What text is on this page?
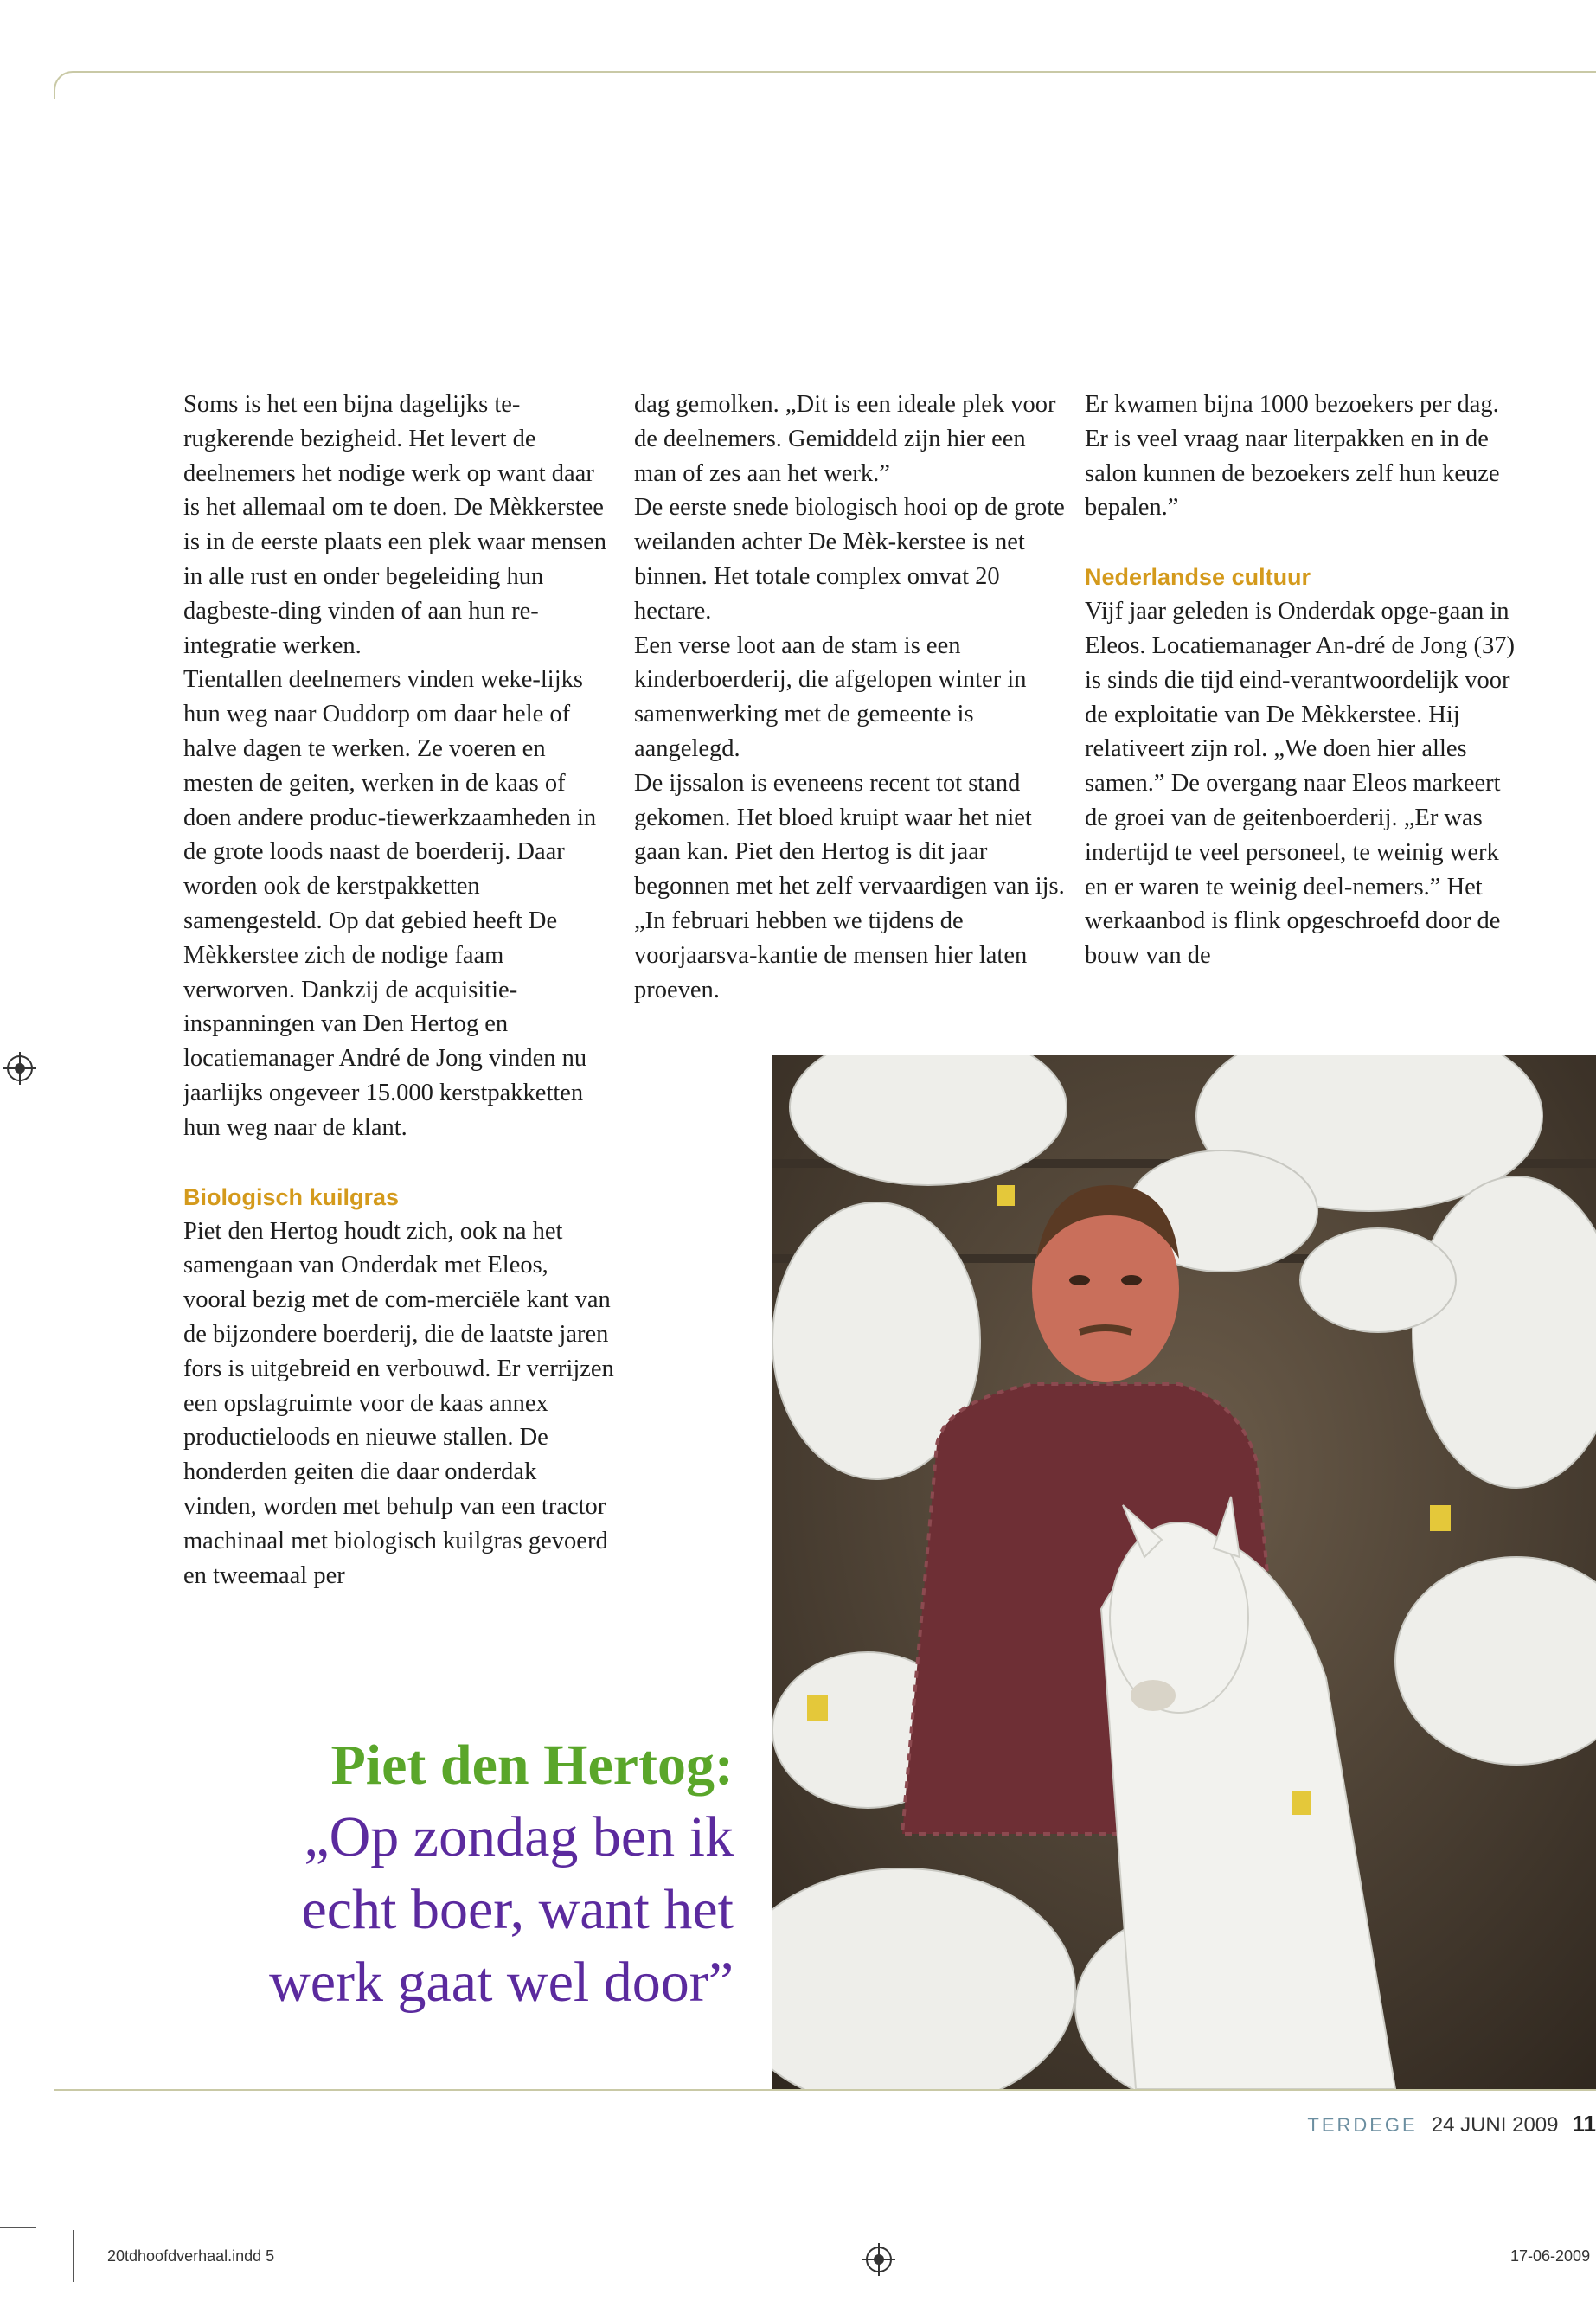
Soms is het een bijna dagelijks te-rugkerende bezigheid. Het levert de deelnemers het nodige werk op want daar is het allemaal om te doen. De Mèkkerstee is in de eerste plaats een plek waar mensen in alle rust en onder begeleiding hun dagbeste-ding vinden of aan hun re-integratie werken.

Tientallen deelnemers vinden weke-lijks hun weg naar Ouddorp om daar hele of halve dagen te werken. Ze voeren en mesten de geiten, werken in de kaas of doen andere produc-tiewerkzaamheden in de grote loods naast de boerderij. Daar worden ook de kerstpakketten samengesteld. Op dat gebied heeft De Mèkkerstee zich de nodige faam verworven. Dankzij de acquisitie-inspanningen van Den Hertog en locatiemanager André de Jong vinden nu jaarlijks ongeveer 15.000 kerstpakketten hun weg naar de klant.

Biologisch kuilgras

Piet den Hertog houdt zich, ook na het samengaan van Onderdak met Eleos, vooral bezig met de com-merciële kant van de bijzondere boerderij, die de laatste jaren fors is uitgebreid en verbouwd. Er verrijzen een opslagruimte voor de kaas annex productieloods en nieuwe stallen. De honderden geiten die daar onderdak vinden, worden met behulp van een tractor machinaal met biologisch kuilgras gevoerd en tweemaal per

dag gemolken. „Dit is een ideale plek voor de deelnemers. Gemiddeld zijn hier een man of zes aan het werk.”

De eerste snede biologisch hooi op de grote weilanden achter De Mèk-kerstee is net binnen. Het totale complex omvat 20 hectare.

Een verse loot aan de stam is een kinderboerderij, die afgelopen winter in samenwerking met de gemeente is aangelegd.

De ijssalon is eveneens recent tot stand gekomen. Het bloed kruipt waar het niet gaan kan. Piet den Hertog is dit jaar begonnen met het zelf vervaardigen van ijs. „In februari hebben we tijdens de voorjaarsva-kantie de mensen hier laten proeven.

Er kwamen bijna 1000 bezoekers per dag. Er is veel vraag naar literpakken en in de salon kunnen de bezoekers zelf hun keuze bepalen.”

Nederlandse cultuur

Vijf jaar geleden is Onderdak opge-gaan in Eleos. Locatiemanager An-dré de Jong (37) is sinds die tijd eind-verantwoordelijk voor de exploitatie van De Mèkkerstee. Hij relativeert zijn rol. „We doen hier alles samen.” De overgang naar Eleos markeert de groei van de geitenboerderij. „Er was indertijd te veel personeel, te weinig werk en er waren te weinig deel-nemers.” Het werkaanbod is flink opgeschroefd door de bouw van de

Piet den Hertog:
„Op zondag ben ik
echt boer, want het
werk gaat wel door”
TERDEGE 24 JUNI 2009 11
20tdhoofdverhaal.indd 5	17-06-2009
